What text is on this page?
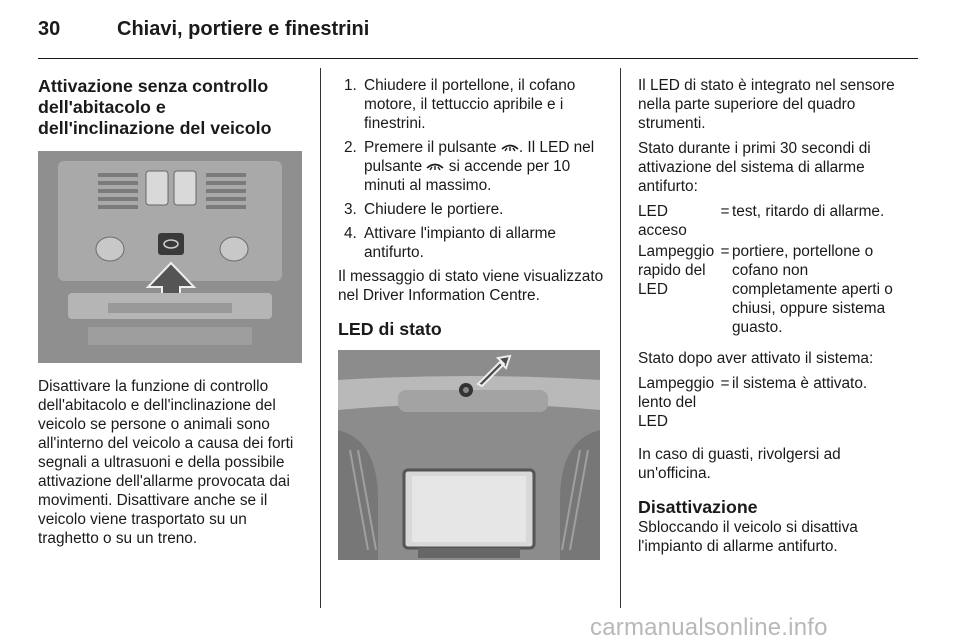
30	Chiavi, portiere e finestrini
Attivazione senza controllo dell'abitacolo e dell'inclinazione del veicolo

Disattivare la funzione di controllo dell'abitacolo e dell'inclinazione del veicolo se persone o animali sono all'interno del veicolo a causa dei forti segnali a ultrasuoni e della possibile attivazione dell'allarme provocata dai movimenti. Disattivare anche se il veicolo viene trasportato su un traghetto o su un treno.

1. Chiudere il portellone, il cofano motore, il tettuccio apribile e i finestrini.
2. Premere il pulsante . Il LED nel pulsante  si accende per 10 minuti al massimo.
3. Chiudere le portiere.
4. Attivare l'impianto di allarme antifurto.

Il messaggio di stato viene visualizzato nel Driver Information Centre.

LED di stato

Il LED di stato è integrato nel sensore nella parte superiore del quadro strumenti.

Stato durante i primi 30 secondi di attivazione del sistema di allarme antifurto:

LED acceso	=	test, ritardo di allarme.
Lampeggio rapido del LED	=	portiere, portellone o cofano non completamente aperti o chiusi, oppure sistema guasto.

Stato dopo aver attivato il sistema:

Lampeggio lento del LED	=	il sistema è attivato.

In caso di guasti, rivolgersi ad un'officina.

Disattivazione

Sbloccando il veicolo si disattiva l'impianto di allarme antifurto.

carmanualsonline.info
